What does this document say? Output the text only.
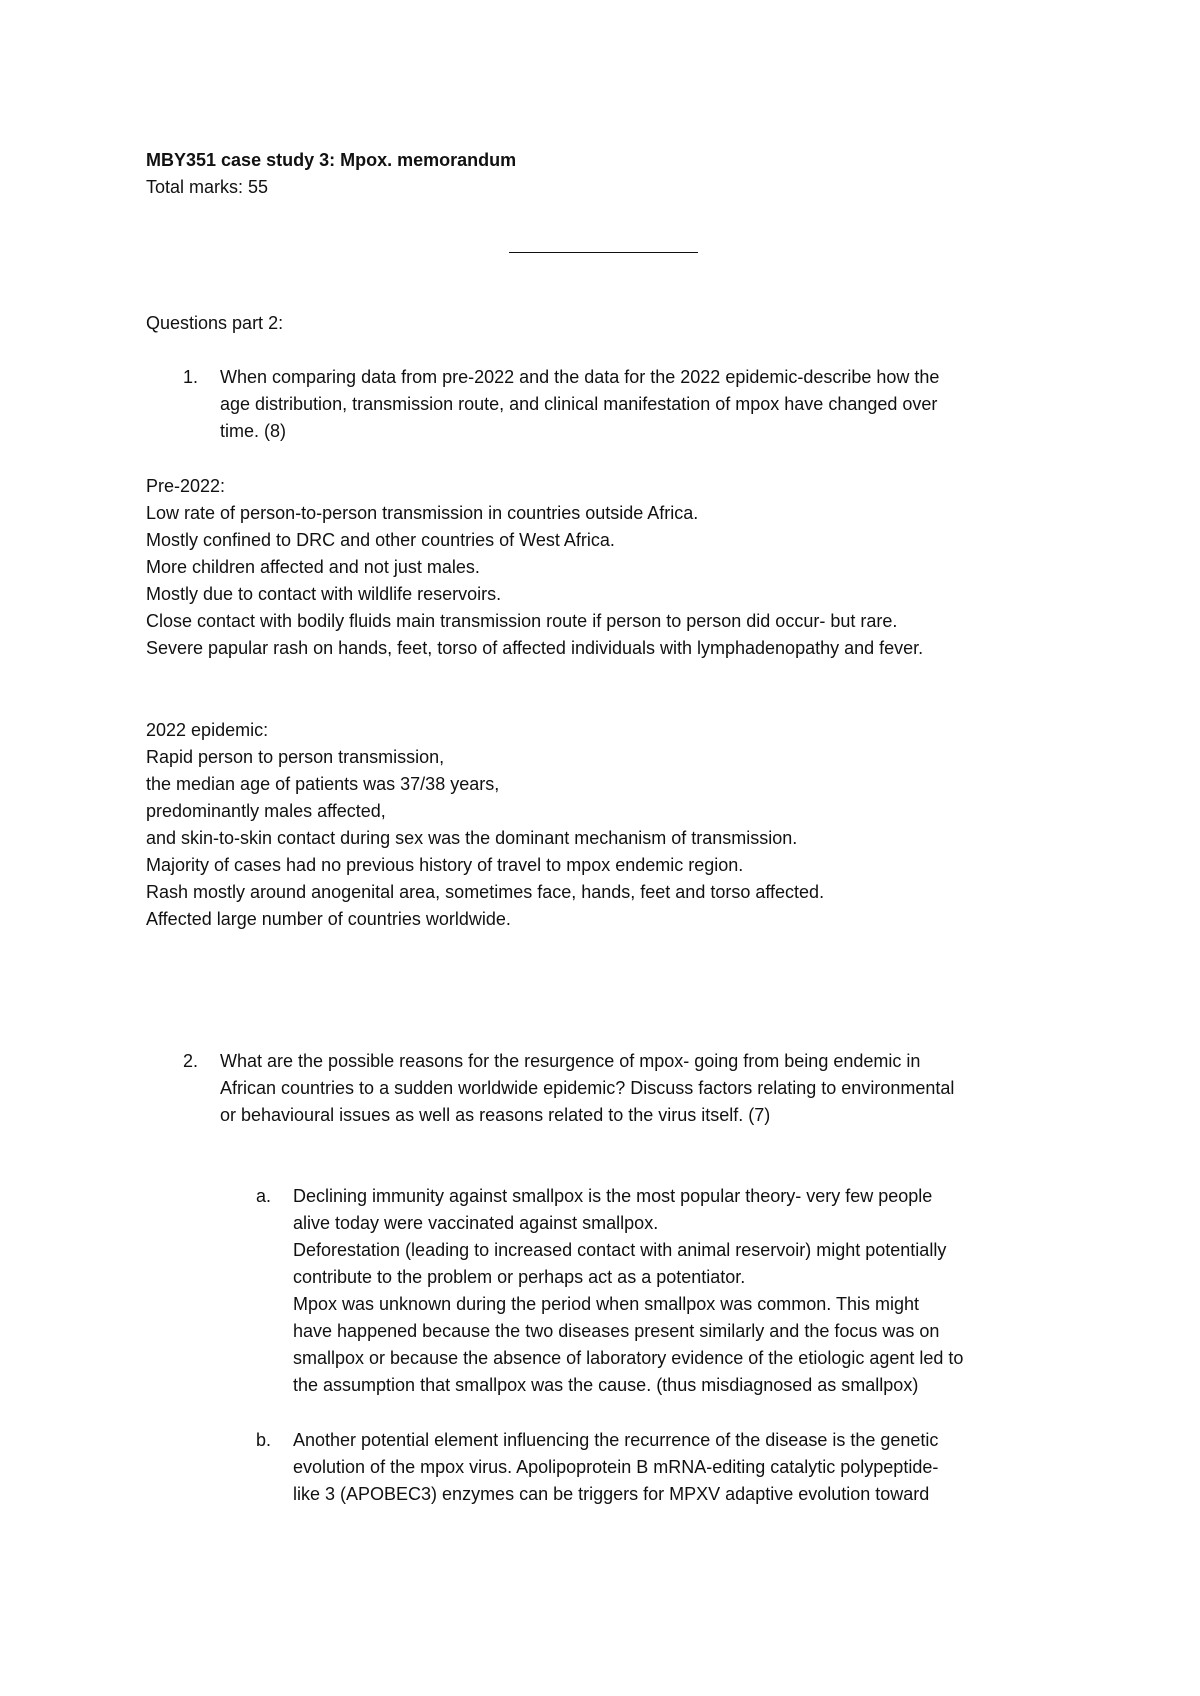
MBY351 case study 3: Mpox. memorandum
Total marks: 55
Questions part 2:
1. When comparing data from pre-2022 and the data for the 2022 epidemic-describe how the
age distribution, transmission route, and clinical manifestation of mpox have changed over
time. (8)
Pre-2022:
Low rate of person-to-person transmission in countries outside Africa.
Mostly confined to DRC and other countries of West Africa.
More children affected and not just males.
Mostly due to contact with wildlife reservoirs.
Close contact with bodily fluids main transmission route if person to person did occur- but rare.
Severe papular rash on hands, feet, torso of affected individuals with lymphadenopathy and fever.
2022 epidemic:
Rapid person to person transmission,
the median age of patients was 37/38 years,
predominantly males affected,
and skin-to-skin contact during sex was the dominant mechanism of transmission.
Majority of cases had no previous history of travel to mpox endemic region.
Rash mostly around anogenital area, sometimes face, hands, feet and torso affected.
Affected large number of countries worldwide.
2. What are the possible reasons for the resurgence of mpox- going from being endemic in
African countries to a sudden worldwide epidemic? Discuss factors relating to environmental
or behavioural issues as well as reasons related to the virus itself. (7)
a. Declining immunity against smallpox is the most popular theory- very few people
alive today were vaccinated against smallpox.
Deforestation (leading to increased contact with animal reservoir) might potentially
contribute to the problem or perhaps act as a potentiator.
Mpox was unknown during the period when smallpox was common. This might
have happened because the two diseases present similarly and the focus was on
smallpox or because the absence of laboratory evidence of the etiologic agent led to
the assumption that smallpox was the cause. (thus misdiagnosed as smallpox)
b. Another potential element influencing the recurrence of the disease is the genetic
evolution of the mpox virus. Apolipoprotein B mRNA-editing catalytic polypeptide-
like 3 (APOBEC3) enzymes can be triggers for MPXV adaptive evolution toward
